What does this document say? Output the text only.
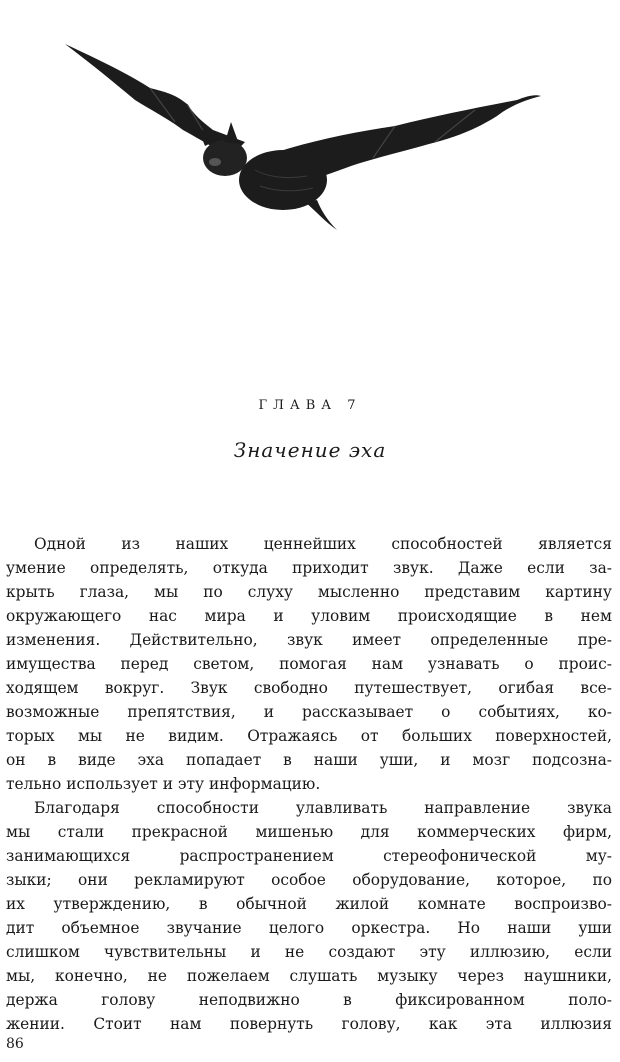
ГЛАВА 7
Значение эха
Одной из наших ценнейших способностей является
умение определять, откуда приходит звук. Даже если за-
крыть глаза, мы по слуху мысленно представим картину
окружающего нас мира и уловим происходящие в нем
изменения. Действительно, звук имеет определенные пре-
имущества перед светом, помогая нам узнавать о проис-
ходящем вокруг. Звук свободно путешествует, огибая все-
возможные препятствия, и рассказывает о событиях, ко-
торых мы не видим. Отражаясь от больших поверхностей,
он в виде эха попадает в наши уши, и мозг подсозна-
тельно использует и эту информацию.
Благодаря способности улавливать направление звука
мы стали прекрасной мишенью для коммерческих фирм,
занимающихся распространением стереофонической му-
зыки; они рекламируют особое оборудование, которое, по
их утверждению, в обычной жилой комнате воспроизво-
дит объемное звучание целого оркестра. Но наши уши
слишком чувствительны и не создают эту иллюзию, если
мы, конечно, не пожелаем слушать музыку через наушники,
держа голову неподвижно в фиксированном поло-
жении. Стоит нам повернуть голову, как эта иллюзия
86
